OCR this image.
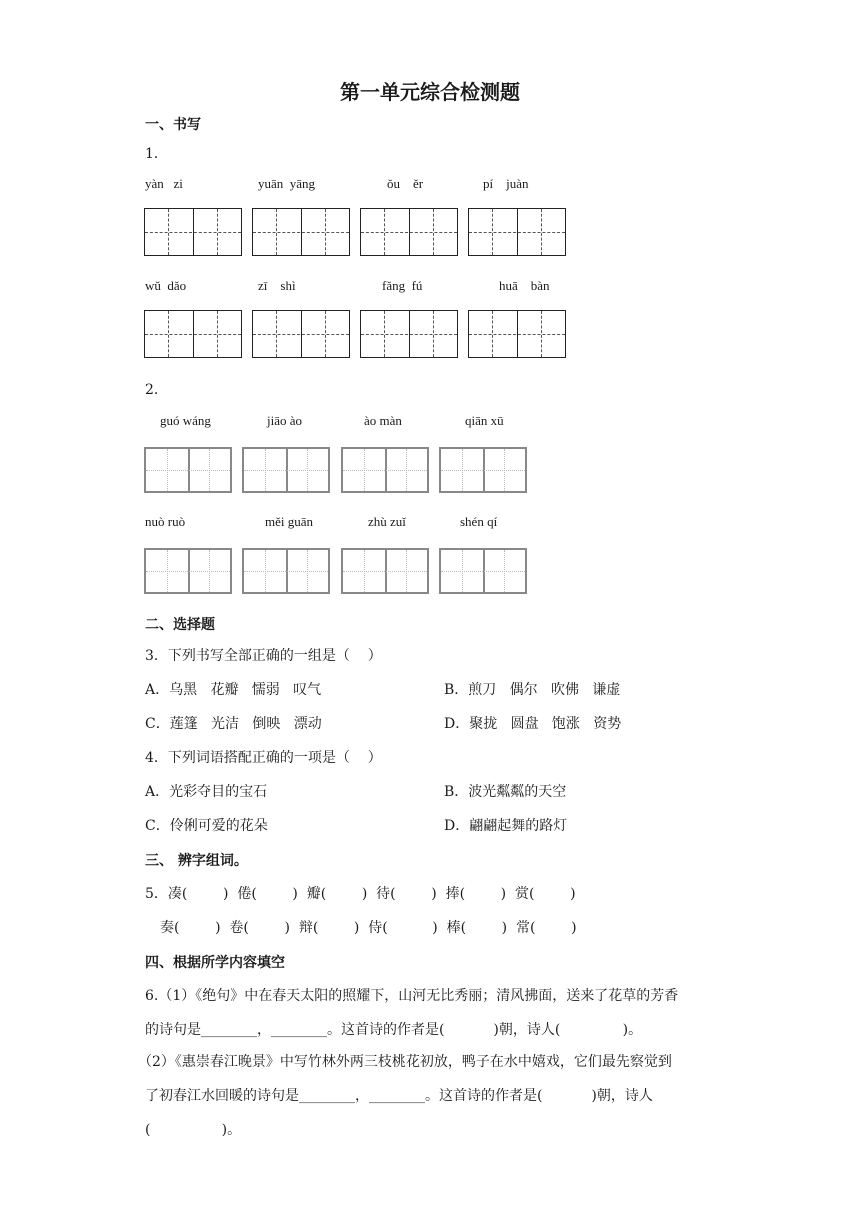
第一单元综合检测题
一、书写
1．
yàn   zi	yuān  yāng	ǒu    ěr	pí    juàn
wǔ  dǎo	zī    shì	fǎng  fú	huā    bàn
2．
guó wáng	jiāo ào	ào màn	qiān xū
nuò ruò	měi guān	zhù zuǐ	shén qí
二、选择题
3．下列书写全部正确的一组是（    ）
A．乌黑   花瓣   懦弱   叹气	B．煎刀   偶尔   吹佛   谦虚
C．莲篷   光洁   倒映   漂动	D．聚拢   圆盘   饱涨   资势
4．下列词语搭配正确的一项是（    ）
A．光彩夺目的宝石	B．波光粼粼的天空
C．伶俐可爱的花朵	D．翩翩起舞的路灯
三、 辨字组词。
5．凑(        )  倦(        )  瓣(        )  待(        )  捧(        )  赏(        )
奏(        )  卷(        )  辩(        )  侍(          )  棒(        )  常(        )
四、根据所学内容填空
6.（1）《绝句》中在春天太阳的照耀下，山河无比秀丽；清风拂面，送来了花草的芳香
的诗句是________，________。这首诗的作者是(           )朝，诗人(              )。
（2）《惠崇春江晚景》中写竹林外两三枝桃花初放，鸭子在水中嬉戏，它们最先察觉到
了初春江水回暖的诗句是________，________。这首诗的作者是(           )朝，诗人
(                )。
